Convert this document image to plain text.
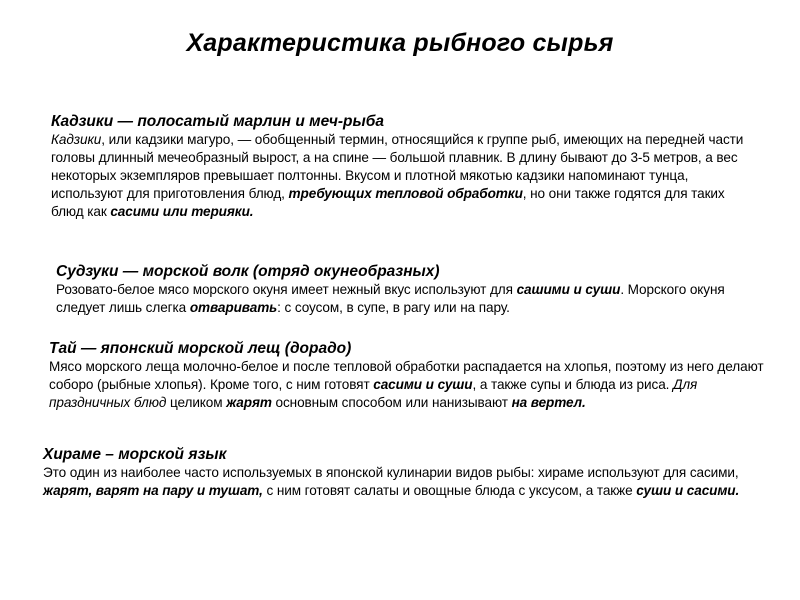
Характеристика рыбного сырья

Кадзики — полосатый марлин и меч-рыба

Кадзики, или кадзики магуро, — обобщенный термин, относящийся к группе рыб, имеющих на передней части головы длинный мечеобразный вырост, а на спине — большой плавник. В длину бывают до 3-5 метров, а вес некоторых экземпляров превышает полтонны. Вкусом и плотной мякотью кадзики напоминают тунца, используют для приготовления блюд, требующих тепловой обработки, но они также годятся для таких блюд как сасими или терияки.

Судзуки — морской волк (отряд окунеобразных)

Розовато-белое мясо морского окуня имеет нежный вкус используют для сашими и суши. Морского окуня следует лишь слегка отваривать: с соусом, в супе, в рагу или на пару.

Тай — японский морской лещ (дорадо)

Мясо морского леща молочно-белое и после тепловой обработки распадается на хлопья, поэтому из него делают соборо (рыбные хлопья). Кроме того, с ним готовят сасими и суши, а также супы и блюда из риса. Для праздничных блюд целиком жарят основным способом или нанизывают на вертел.

Хираме – морской язык

Это один из наиболее часто используемых в японской кулинарии видов рыбы: хираме используют для сасими, жарят, варят на пару и тушат, с ним готовят салаты и овощные блюда с уксусом, а также суши и сасими.
